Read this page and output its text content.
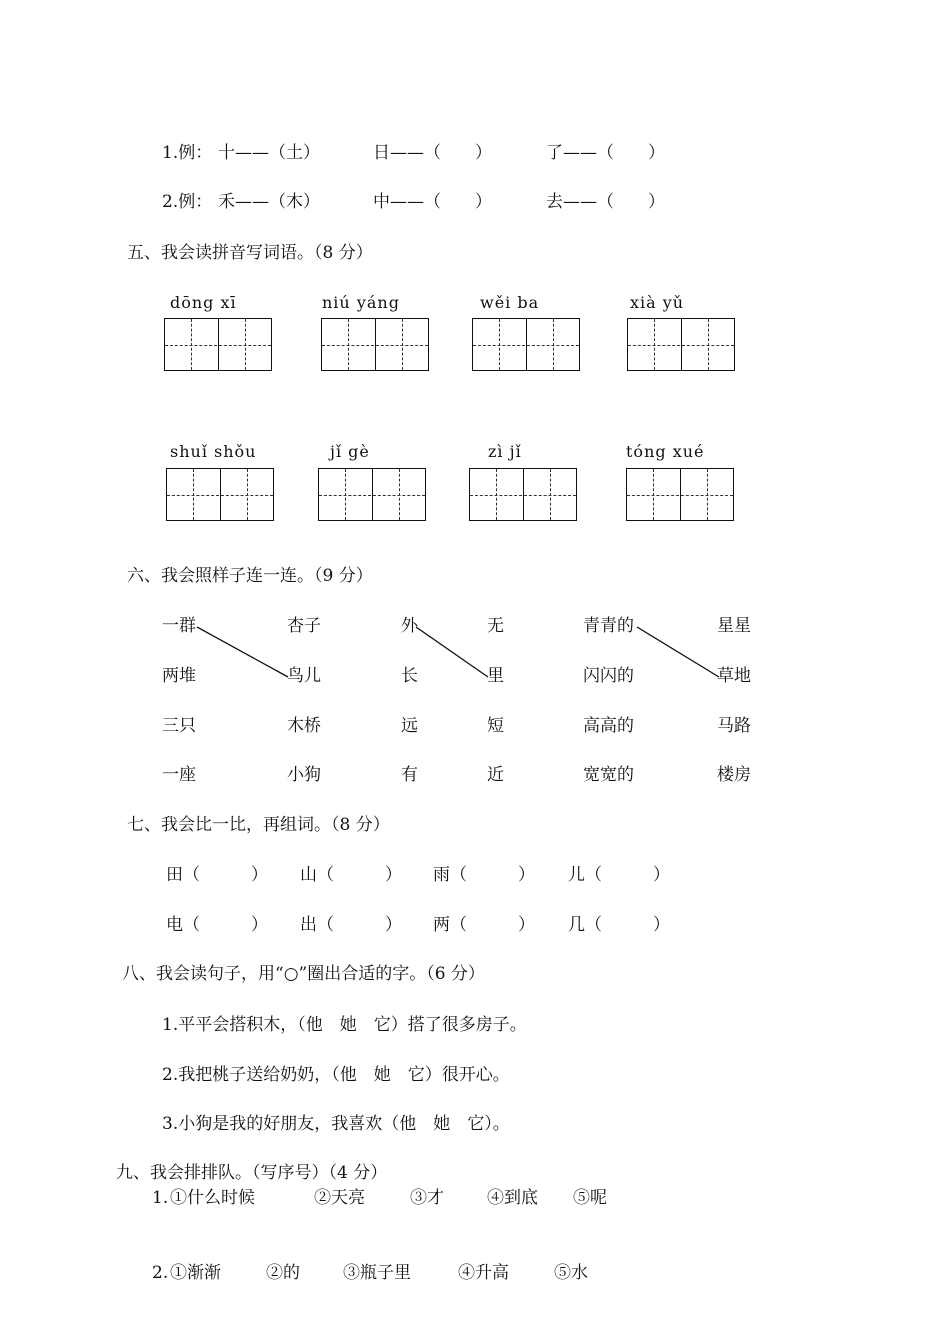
1.例： 十——（土）	日——（　　）	了——（　　）
2.例： 禾——（木）	中——（　　）	去——（　　）
五、我会读拼音写词语。（8 分）
dōng xī	niú yáng	wěi ba	xià yǔ
shuǐ shǒu	jǐ gè	zì jǐ	tóng xué
六、我会照样子连一连。（9 分）
一群	杏子	外	无	青青的	星星
两堆	鸟儿	长	里	闪闪的	草地
三只	木桥	远	短	高高的	马路
一座	小狗	有	近	宽宽的	楼房
七、我会比一比，再组词。（8 分）
田（　　　） 山（　　　） 雨（　　　） 儿（　　　）
电（　　　） 出（　　　） 两（　　　） 几（　　　）
八、我会读句子，用“○”圈出合适的字。（6 分）
1.平平会搭积木，（他　她　它）搭了很多房子。
2.我把桃子送给奶奶，（他　她　它）很开心。
3.小狗是我的好朋友，我喜欢（他　她　它）。
九、我会排排队。（写序号）（4 分）
1. ①什么时候	②天亮	③才	④到底 ⑤呢
2. ①渐渐	②的	③瓶子里	④升高	⑤水
